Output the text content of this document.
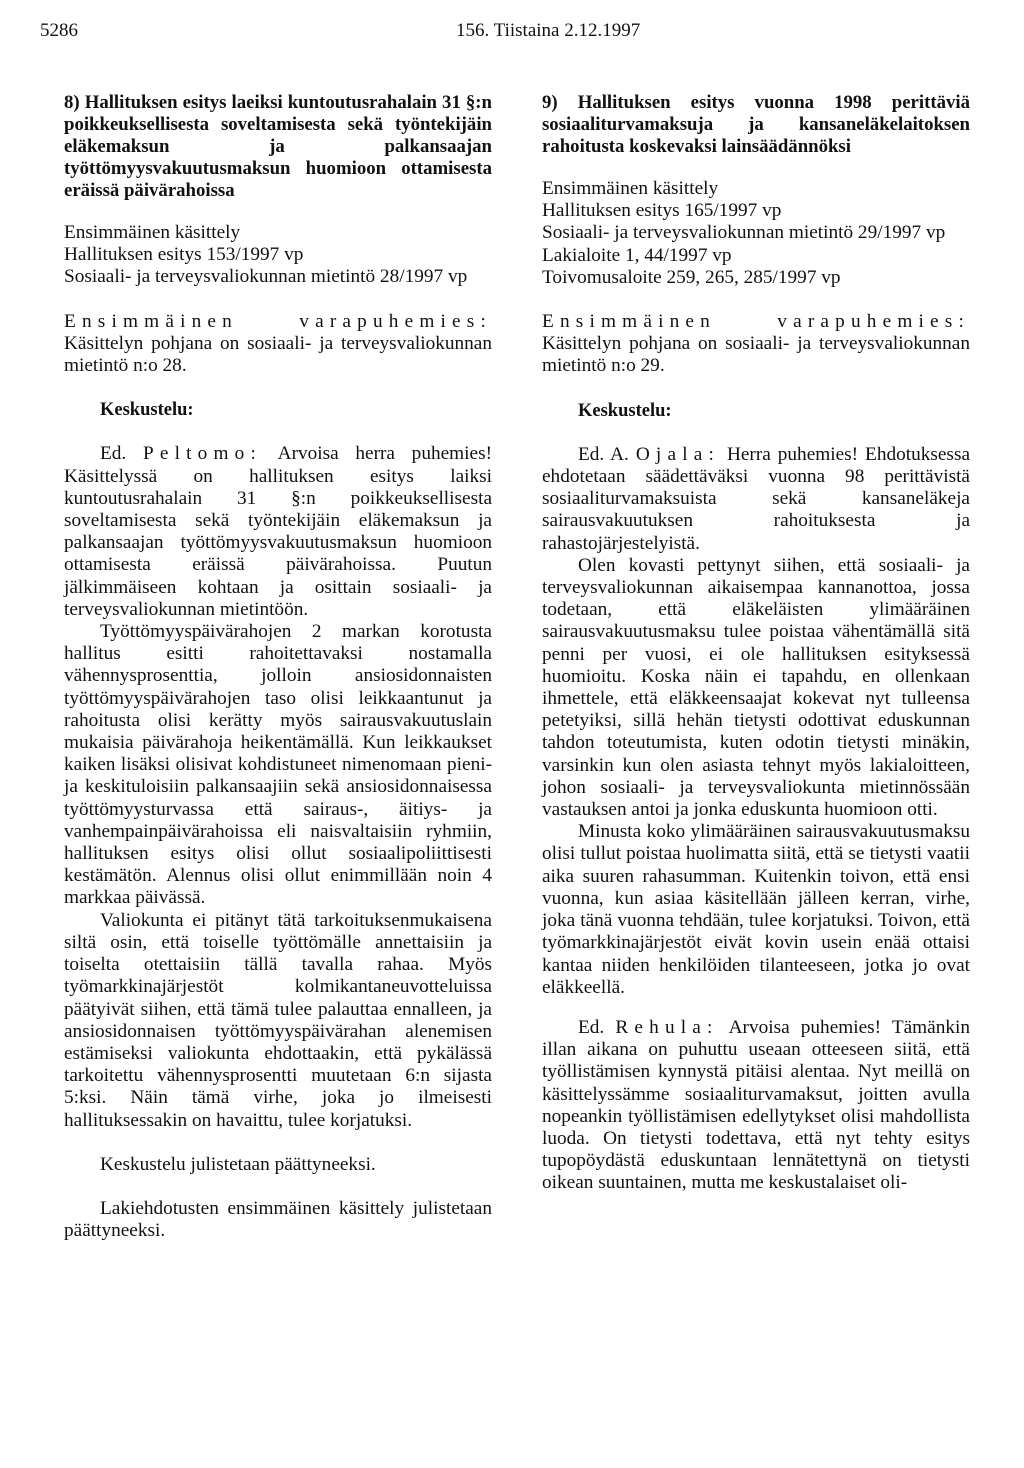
5286	156. Tiistaina 2.12.1997

8) Hallituksen esitys laeiksi kuntoutusrahalain 31 §:n poikkeuksellisesta soveltamisesta sekä työntekijäin eläkemaksun ja palkansaajan työttömyysvakuutusmaksun huomioon ottamisesta eräissä päivärahoissa

Ensimmäinen käsittely
Hallituksen esitys 153/1997 vp
Sosiaali- ja terveysvaliokunnan mietintö 28/1997 vp

Ensimmäinen varapuhemies: Käsittelyn pohjana on sosiaali- ja terveysvaliokunnan mietintö n:o 28.

Keskustelu:

Ed. Peltomo: Arvoisa herra puhemies! Käsittelyssä on hallituksen esitys laiksi kuntoutusrahalain 31 §:n poikkeuksellisesta soveltamisesta sekä työntekijäin eläkemaksun ja palkansaajan työttömyysvakuutusmaksun huomioon ottamisesta eräissä päivärahoissa. Puutun jälkimmäiseen kohtaan ja osittain sosiaali- ja terveysvaliokunnan mietintöön.

Työttömyyspäivärahojen 2 markan korotusta hallitus esitti rahoitettavaksi nostamalla vähennysprosenttia, jolloin ansiosidonnaisten työttömyyspäivärahojen taso olisi leikkaantunut ja rahoitusta olisi kerätty myös sairausvakuutuslain mukaisia päivärahoja heikentämällä. Kun leikkaukset kaiken lisäksi olisivat kohdistuneet nimenomaan pieni- ja keskituloisiin palkansaajiin sekä ansiosidonnaisessa työttömyysturvassa että sairaus-, äitiys- ja vanhempainpäivärahoissa eli naisvaltaisiin ryhmiin, hallituksen esitys olisi ollut sosiaalipoliittisesti kestämätön. Alennus olisi ollut enimmillään noin 4 markkaa päivässä.

Valiokunta ei pitänyt tätä tarkoituksenmukaisena siltä osin, että toiselle työttömälle annettaisiin ja toiselta otettaisiin tällä tavalla rahaa. Myös työmarkkinajärjestöt kolmikantaneuvotteluissa päätyivät siihen, että tämä tulee palauttaa ennalleen, ja ansiosidonnaisen työttömyyspäivärahan alenemisen estämiseksi valiokunta ehdottaakin, että pykälässä tarkoitettu vähennysprosentti muutetaan 6:n sijasta 5:ksi. Näin tämä virhe, joka jo ilmeisesti hallituksessakin on havaittu, tulee korjatuksi.

Keskustelu julistetaan päättyneeksi.

Lakiehdotusten ensimmäinen käsittely julistetaan päättyneeksi.

9) Hallituksen esitys vuonna 1998 perittäviä sosiaaliturvamaksuja ja kansaneläkelaitoksen rahoitusta koskevaksi lainsäädännöksi

Ensimmäinen käsittely
Hallituksen esitys 165/1997 vp
Sosiaali- ja terveysvaliokunnan mietintö 29/1997 vp
Lakialoite 1, 44/1997 vp
Toivomusaloite 259, 265, 285/1997 vp

Ensimmäinen varapuhemies: Käsittelyn pohjana on sosiaali- ja terveysvaliokunnan mietintö n:o 29.

Keskustelu:

Ed. A. Ojala: Herra puhemies! Ehdotuksessa ehdotetaan säädettäväksi vuonna 98 perittävistä sosiaaliturvamaksuista sekä kansaneläkeja sairausvakuutuksen rahoituksesta ja rahastojärjestelyistä.

Olen kovasti pettynyt siihen, että sosiaali- ja terveysvaliokunnan aikaisempaa kannanottoa, jossa todetaan, että eläkeläisten ylimääräinen sairausvakuutusmaksu tulee poistaa vähentämällä sitä penni per vuosi, ei ole hallituksen esityksessä huomioitu. Koska näin ei tapahdu, en ollenkaan ihmettele, että eläkkeensaajat kokevat nyt tulleensa petetyiksi, sillä hehän tietysti odottivat eduskunnan tahdon toteutumista, kuten odotin tietysti minäkin, varsinkin kun olen asiasta tehnyt myös lakialoitteen, johon sosiaali- ja terveysvaliokunta mietinnössään vastauksen antoi ja jonka eduskunta huomioon otti.

Minusta koko ylimääräinen sairausvakuutusmaksu olisi tullut poistaa huolimatta siitä, että se tietysti vaatii aika suuren rahasumman. Kuitenkin toivon, että ensi vuonna, kun asiaa käsitellään jälleen kerran, virhe, joka tänä vuonna tehdään, tulee korjatuksi. Toivon, että työmarkkinajärjestöt eivät kovin usein enää ottaisi kantaa niiden henkilöiden tilanteeseen, jotka jo ovat eläkkeellä.

Ed. Rehula: Arvoisa puhemies! Tämänkin illan aikana on puhuttu useaan otteeseen siitä, että työllistämisen kynnystä pitäisi alentaa. Nyt meillä on käsittelyssämme sosiaaliturvamaksut, joitten avulla nopeankin työllistämisen edellytykset olisi mahdollista luoda. On tietysti todettava, että nyt tehty esitys tupopöydästä eduskuntaan lennätettynä on tietysti oikean suuntainen, mutta me keskustalaiset oli-
